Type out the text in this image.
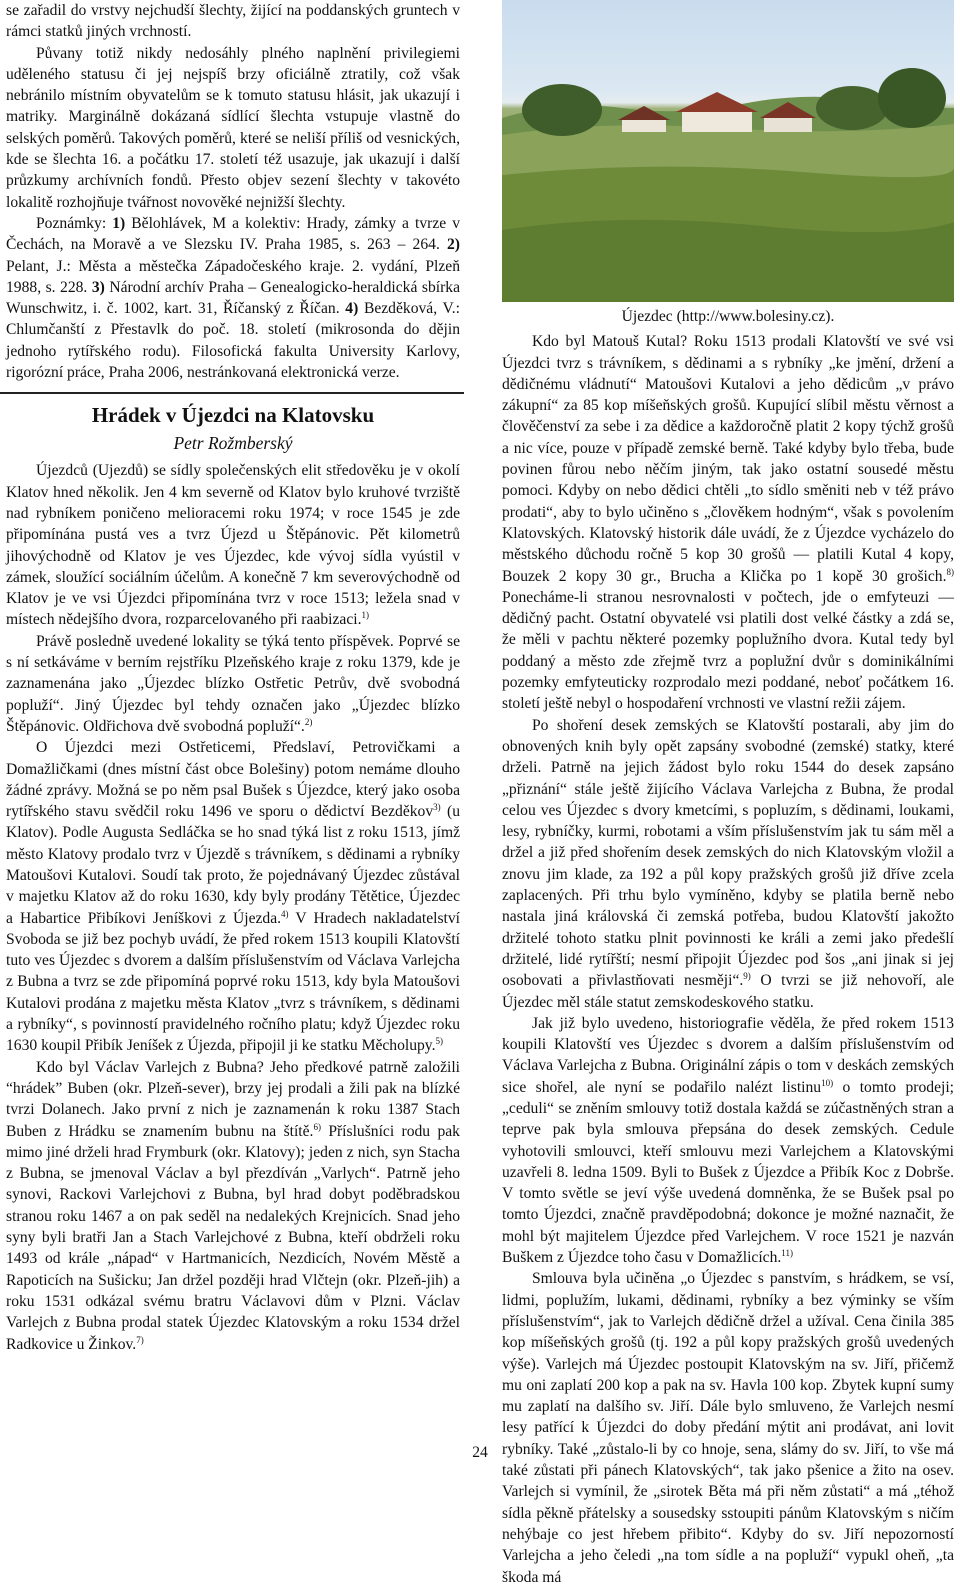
se zařadil do vrstvy nejchudší šlechty, žijící na poddanských gruntech v rámci statků jiných vrchností.

Půvany totiž nikdy nedosáhly plného naplnění privilegiemi uděleného statusu či jej nejspíš brzy oficiálně ztratily, což však nebránilo místním obyvatelům se k tomuto statusu hlásit, jak ukazují i matriky. Marginálně dokázaná sídlící šlechta vstupuje vlastně do selských poměrů. Takových poměrů, které se neliší příliš od vesnických, kde se šlechta 16. a počátku 17. století též usazuje, jak ukazují i další průzkumy archívních fondů. Přesto objev sezení šlechty v takovéto lokalitě rozhojňuje tvářnost novověké nejnižší šlechty.

Poznámky: 1) Bělohlávek, M a kolektiv: Hrady, zámky a tvrze v Čechách, na Moravě a ve Slezsku IV. Praha 1985, s. 263 – 264. 2) Pelant, J.: Města a městečka Západočeského kraje. 2. vydání, Plzeň 1988, s. 228. 3) Národní archív Praha – Genealogicko-heraldická sbírka Wunschwitz, i. č. 1002, kart. 31, Říčanský z Říčan. 4) Bezděková, V.: Chlumčanští z Přestavlk do poč. 18. století (mikrosonda do dějin jednoho rytířského rodu). Filosofická fakulta University Karlovy, rigorózní práce, Praha 2006, nestránkovaná elektronická verze.

Hrádek v Újezdci na Klatovsku
Petr Rožmberský

Újezdců (Ujezdů) se sídly společenských elit středověku je v okolí Klatov hned několik. Jen 4 km severně od Klatov bylo kruhové tvrziště nad rybníkem poničeno melioracemi roku 1974; v roce 1545 je zde připomínána pustá ves a tvrz Újezd u Štěpánovic. Pět kilometrů jihovýchodně od Klatov je ves Újezdec, kde vývoj sídla vyústil v zámek, sloužící sociálním účelům. A konečně 7 km severovýchodně od Klatov je ve vsi Újezdci připomínána tvrz v roce 1513; ležela snad v místech nědejšího dvora, rozparcelovaného při raabizaci.$^{1)}$

Právě posledně uvedené lokality se týká tento příspěvek. Poprvé se s ní setkáváme v berním rejstříku Plzeňského kraje z roku 1379, kde je zaznamenána jako „Újezdec blízko Ostřetic Petrův, dvě svobodná popluží“. Jiný Újezdec byl tehdy označen jako „Újezdec blízko Štěpánovic. Oldřichova dvě svobodná popluží“.$^{2)}$

O Újezdci mezi Ostřeticemi, Předslaví, Petrovičkami a Domažličkami (dnes místní část obce Bolešiny) potom nemáme dlouho žádné zprávy. Možná se po něm psal Bušek s Újezdce, který jako osoba rytířského stavu svědčil roku 1496 ve sporu o dědictví Bezděkov$^{3)}$ (u Klatov). Podle Augusta Sedláčka se ho snad týká list z roku 1513, jímž město Klatovy prodalo tvrz v Újezdě s trávníkem, s dědinami a rybníky Matoušovi Kutalovi. Soudí tak proto, že pojednávaný Újezdec zůstával v majetku Klatov až do roku 1630, kdy byly prodány Tětětice, Újezdec a Habartice Přibíkovi Jeníškovi z Újezda.$^{4)}$ V Hradech nakladatelství Svoboda se již bez pochyb uvádí, že před rokem 1513 koupili Klatovští tuto ves Újezdec s dvorem a dalším příslušenstvím od Václava Varlejcha z Bubna a tvrz se zde připomíná poprvé roku 1513, kdy byla Matoušovi Kutalovi prodána z majetku města Klatov „tvrz s trávníkem, s dědinami a rybníky“, s povinností pravidelného ročního platu; když Újezdec roku 1630 koupil Přibík Jeníšek z Újezda, připojil ji ke statku Měcholupy.$^{5)}$

Kdo byl Václav Varlejch z Bubna? Jeho předkové patrně založili “hrádek” Buben (okr. Plzeň-sever), brzy jej prodali a žili pak na blízké tvrzi Dolanech. Jako první z nich je zaznamenán k roku 1387 Stach Buben z Hrádku se znamením bubnu na štítě.$^{6)}$ Příslušníci rodu pak mimo jiné drželi hrad Frymburk (okr. Klatovy); jeden z nich, syn Stacha z Bubna, se jmenoval Václav a byl přezdíván „Varlych“. Patrně jeho synovi, Rackovi Varlejchovi z Bubna, byl hrad dobyt poděbradskou stranou roku 1467 a on pak seděl na nedalekých Krejnicích. Snad jeho syny byli bratři Jan a Stach Varlejchové z Bubna, kteří obdrželi roku 1493 od krále „nápad“ v Hartmanicích, Nezdicích, Novém Městě a Rapoticích na Sušicku; Jan držel později hrad Vlčtejn (okr. Plzeň-jih) a roku 1531 odkázal svému bratru Václavovi dům v Plzni. Václav Varlejch z Bubna prodal statek Újezdec Klatovským a roku 1534 držel Radkovice u Žinkov.$^{7)}$

Újezdec (http://www.bolesiny.cz).

Kdo byl Matouš Kutal? Roku 1513 prodali Klatovští ve své vsi Újezdci tvrz s trávníkem, s dědinami a s rybníky „ke jmění, držení a dědičnému vládnutí“ Matoušovi Kutalovi a jeho dědicům „v právo zákupní“ za 85 kop míšeňských grošů. Kupující slíbil městu věrnost a člověčenství za sebe i za dědice a každoročně platit 2 kopy týchž grošů a nic více, pouze v případě zemské berně. Také kdyby bylo třeba, bude povinen fůrou nebo něčím jiným, tak jako ostatní sousedé městu pomoci. Kdyby on nebo dědici chtěli „to sídlo směniti neb v též právo prodati“, aby to bylo učiněno s „člověkem hodným“, však s povolením Klatovských. Klatovský historik dále uvádí, že z Újezdce vycházelo do městského důchodu ročně 5 kop 30 grošů — platili Kutal 4 kopy, Bouzek 2 kopy 30 gr., Brucha a Klička po 1 kopě 30 grošich.$^{8)}$ Ponecháme-li stranou nesrovnalosti v počtech, jde o emfyteuzi — dědičný pacht. Ostatní obyvatelé vsi platili dost velké částky a zdá se, že měli v pachtu některé pozemky poplužního dvora. Kutal tedy byl poddaný a město zde zřejmě tvrz a poplužní dvůr s dominikálními pozemky emfyteuticky rozprodalo mezi poddané, neboť počátkem 16. století ještě nebyl o hospodaření vrchnosti ve vlastní režii zájem.

Po shoření desek zemských se Klatovští postarali, aby jim do obnovených knih byly opět zapsány svobodné (zemské) statky, které drželi. Patrně na jejich žádost bylo roku 1544 do desek zapsáno „přiznání“ stále ještě žijícího Václava Varlejcha z Bubna, že prodal celou ves Újezdec s dvory kmetcími, s popluzím, s dědinami, loukami, lesy, rybníčky, kurmi, robotami a vším příslušenstvím jak tu sám měl a držel a již před shořením desek zemských do nich Klatovským vložil a znovu jim klade, za 192 a půl kopy pražských grošů již dříve zcela zaplacených. Při trhu bylo vymíněno, kdyby se platila berně nebo nastala jiná královská či zemská potřeba, budou Klatovští jakožto držitelé tohoto statku plnit povinnosti ke králi a zemi jako předešlí držitelé, lidé rytířští; nesmí připojit Újezdec pod šos „ani jinak si jej osobovati a přivlastňovati nesměji“.$^{9)}$ O tvrzi se již nehovoří, ale Újezdec měl stále statut zemskodeskového statku.

Jak již bylo uvedeno, historiografie věděla, že před rokem 1513 koupili Klatovští ves Újezdec s dvorem a dalším příslušenstvím od Václava Varlejcha z Bubna. Originální zápis o tom v deskách zemských sice shořel, ale nyní se podařilo nalézt listinu$^{10)}$ o tomto prodeji; „ceduli“ se zněním smlouvy totiž dostala každá se zúčastněných stran a teprve pak byla smlouva přepsána do desek zemských. Cedule vyhotovili smlouvci, kteří smlouvu mezi Varlejchem a Klatovskými uzavřeli 8. ledna 1509. Byli to Bušek z Újezdce a Přibík Koc z Dobrše. V tomto světle se jeví výše uvedená domněnka, že se Bušek psal po tomto Újezdci, značně pravděpodobná; dokonce je možné naznačit, že mohl být majitelem Újezdce před Varlejchem. V roce 1521 je nazván Buškem z Újezdce toho času v Domažlicích.$^{11)}$

Smlouva byla učiněna „o Újezdec s panstvím, s hrádkem, se vsí, lidmi, poplužím, lukami, dědinami, rybníky a bez výminky se vším příslušenstvím“, jak to Varlejch dědičně držel a užíval. Cena činila 385 kop míšeňských grošů (tj. 192 a půl kopy pražských grošů uvedených výše). Varlejch má Újezdec postoupit Klatovským na sv. Jiří, přičemž mu oni zaplatí 200 kop a pak na sv. Havla 100 kop. Zbytek kupní sumy mu zaplatí na dalšího sv. Jiří. Dále bylo smluveno, že Varlejch nesmí lesy patřící k Újezdci do doby předání mýtit ani prodávat, ani lovit rybníky. Také „zůstalo-li by co hnoje, sena, slámy do sv. Jiří, to vše má také zůstati při pánech Klatovských“, tak jako pšenice a žito na osev. Varlejch si vymínil, že „sirotek Běta má při něm zůstati“ a má „téhož sídla pěkně přátelsky a sousedsky sstoupiti pánům Klatovským s ničím nehýbaje co jest hřebem přibito“. Kdyby do sv. Jiří nepozorností Varlejcha a jeho čeledi „na tom sídle a na popluží“ vypukl oheň, „ta škoda má

24
